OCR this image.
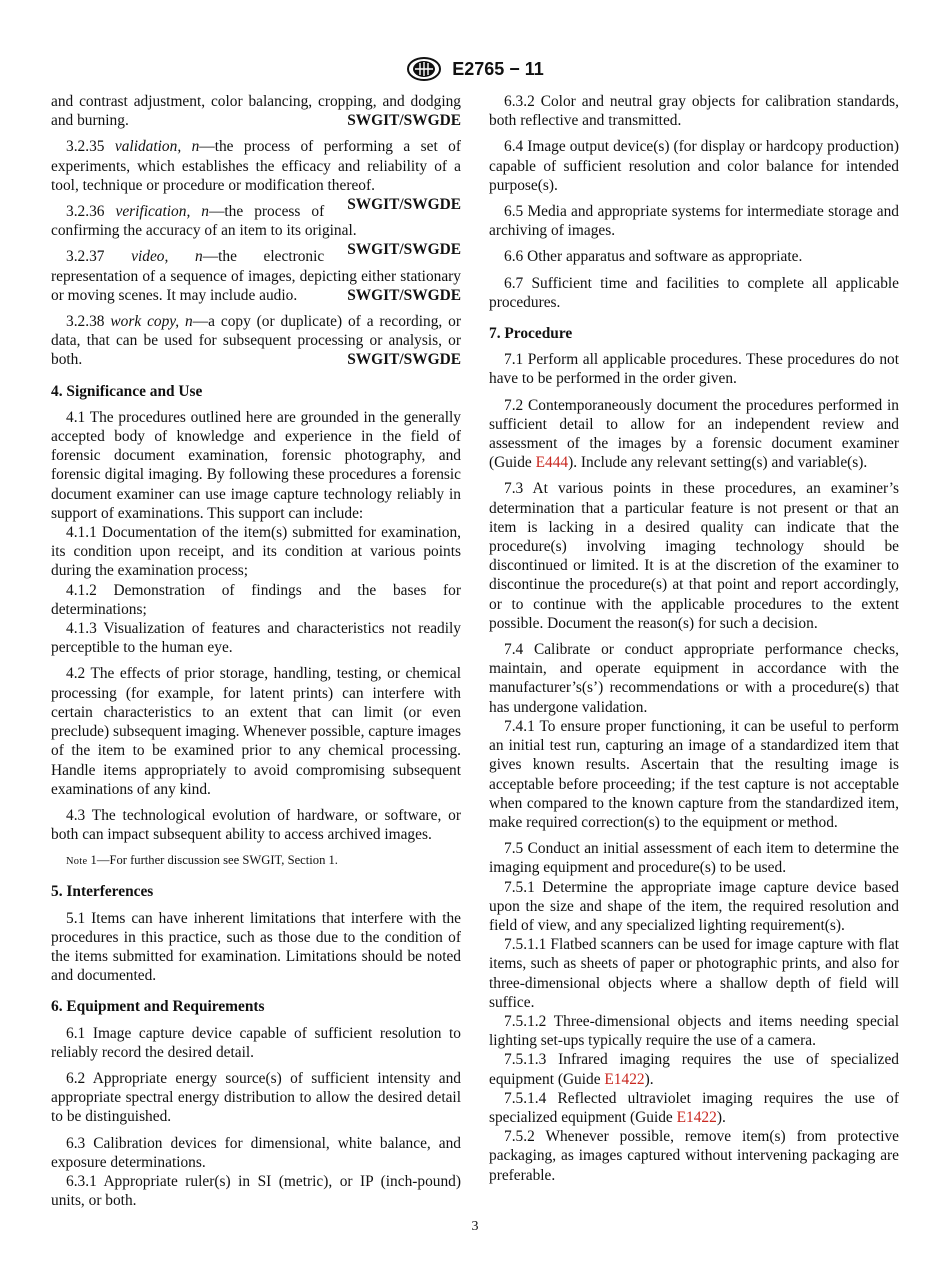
E2765 − 11

and contrast adjustment, color balancing, cropping, and dodging and burning.	SWGIT/SWGDE

3.2.35 validation, n—the process of performing a set of experiments, which establishes the efficacy and reliability of a tool, technique or procedure or modification thereof.
SWGIT/SWGDE

3.2.36 verification, n—the process of confirming the accuracy of an item to its original.
SWGIT/SWGDE

3.2.37 video, n—the electronic representation of a sequence of images, depicting either stationary or moving scenes. It may include audio.	SWGIT/SWGDE

3.2.38 work copy, n—a copy (or duplicate) of a recording, or data, that can be used for subsequent processing or analysis, or both.	SWGIT/SWGDE

4. Significance and Use

4.1 The procedures outlined here are grounded in the generally accepted body of knowledge and experience in the field of forensic document examination, forensic photography, and forensic digital imaging. By following these procedures a forensic document examiner can use image capture technology reliably in support of examinations. This support can include:

4.1.1 Documentation of the item(s) submitted for examination, its condition upon receipt, and its condition at various points during the examination process;

4.1.2 Demonstration of findings and the bases for determinations;

4.1.3 Visualization of features and characteristics not readily perceptible to the human eye.

4.2 The effects of prior storage, handling, testing, or chemical processing (for example, for latent prints) can interfere with certain characteristics to an extent that can limit (or even preclude) subsequent imaging. Whenever possible, capture images of the item to be examined prior to any chemical processing. Handle items appropriately to avoid compromising subsequent examinations of any kind.

4.3 The technological evolution of hardware, or software, or both can impact subsequent ability to access archived images.

Note 1—For further discussion see SWGIT, Section 1.

5. Interferences

5.1 Items can have inherent limitations that interfere with the procedures in this practice, such as those due to the condition of the items submitted for examination. Limitations should be noted and documented.

6. Equipment and Requirements

6.1 Image capture device capable of sufficient resolution to reliably record the desired detail.

6.2 Appropriate energy source(s) of sufficient intensity and appropriate spectral energy distribution to allow the desired detail to be distinguished.

6.3 Calibration devices for dimensional, white balance, and exposure determinations.

6.3.1 Appropriate ruler(s) in SI (metric), or IP (inch-pound) units, or both.

6.3.2 Color and neutral gray objects for calibration standards, both reflective and transmitted.

6.4 Image output device(s) (for display or hardcopy production) capable of sufficient resolution and color balance for intended purpose(s).

6.5 Media and appropriate systems for intermediate storage and archiving of images.

6.6 Other apparatus and software as appropriate.

6.7 Sufficient time and facilities to complete all applicable procedures.

7. Procedure

7.1 Perform all applicable procedures. These procedures do not have to be performed in the order given.

7.2 Contemporaneously document the procedures performed in sufficient detail to allow for an independent review and assessment of the images by a forensic document examiner (Guide E444). Include any relevant setting(s) and variable(s).

7.3 At various points in these procedures, an examiner’s determination that a particular feature is not present or that an item is lacking in a desired quality can indicate that the procedure(s) involving imaging technology should be discontinued or limited. It is at the discretion of the examiner to discontinue the procedure(s) at that point and report accordingly, or to continue with the applicable procedures to the extent possible. Document the reason(s) for such a decision.

7.4 Calibrate or conduct appropriate performance checks, maintain, and operate equipment in accordance with the manufacturer’s(s’) recommendations or with a procedure(s) that has undergone validation.

7.4.1 To ensure proper functioning, it can be useful to perform an initial test run, capturing an image of a standardized item that gives known results. Ascertain that the resulting image is acceptable before proceeding; if the test capture is not acceptable when compared to the known capture from the standardized item, make required correction(s) to the equipment or method.

7.5 Conduct an initial assessment of each item to determine the imaging equipment and procedure(s) to be used.

7.5.1 Determine the appropriate image capture device based upon the size and shape of the item, the required resolution and field of view, and any specialized lighting requirement(s).

7.5.1.1 Flatbed scanners can be used for image capture with flat items, such as sheets of paper or photographic prints, and also for three-dimensional objects where a shallow depth of field will suffice.

7.5.1.2 Three-dimensional objects and items needing special lighting set-ups typically require the use of a camera.

7.5.1.3 Infrared imaging requires the use of specialized equipment (Guide E1422).

7.5.1.4 Reflected ultraviolet imaging requires the use of specialized equipment (Guide E1422).

7.5.2 Whenever possible, remove item(s) from protective packaging, as images captured without intervening packaging are preferable.

3
